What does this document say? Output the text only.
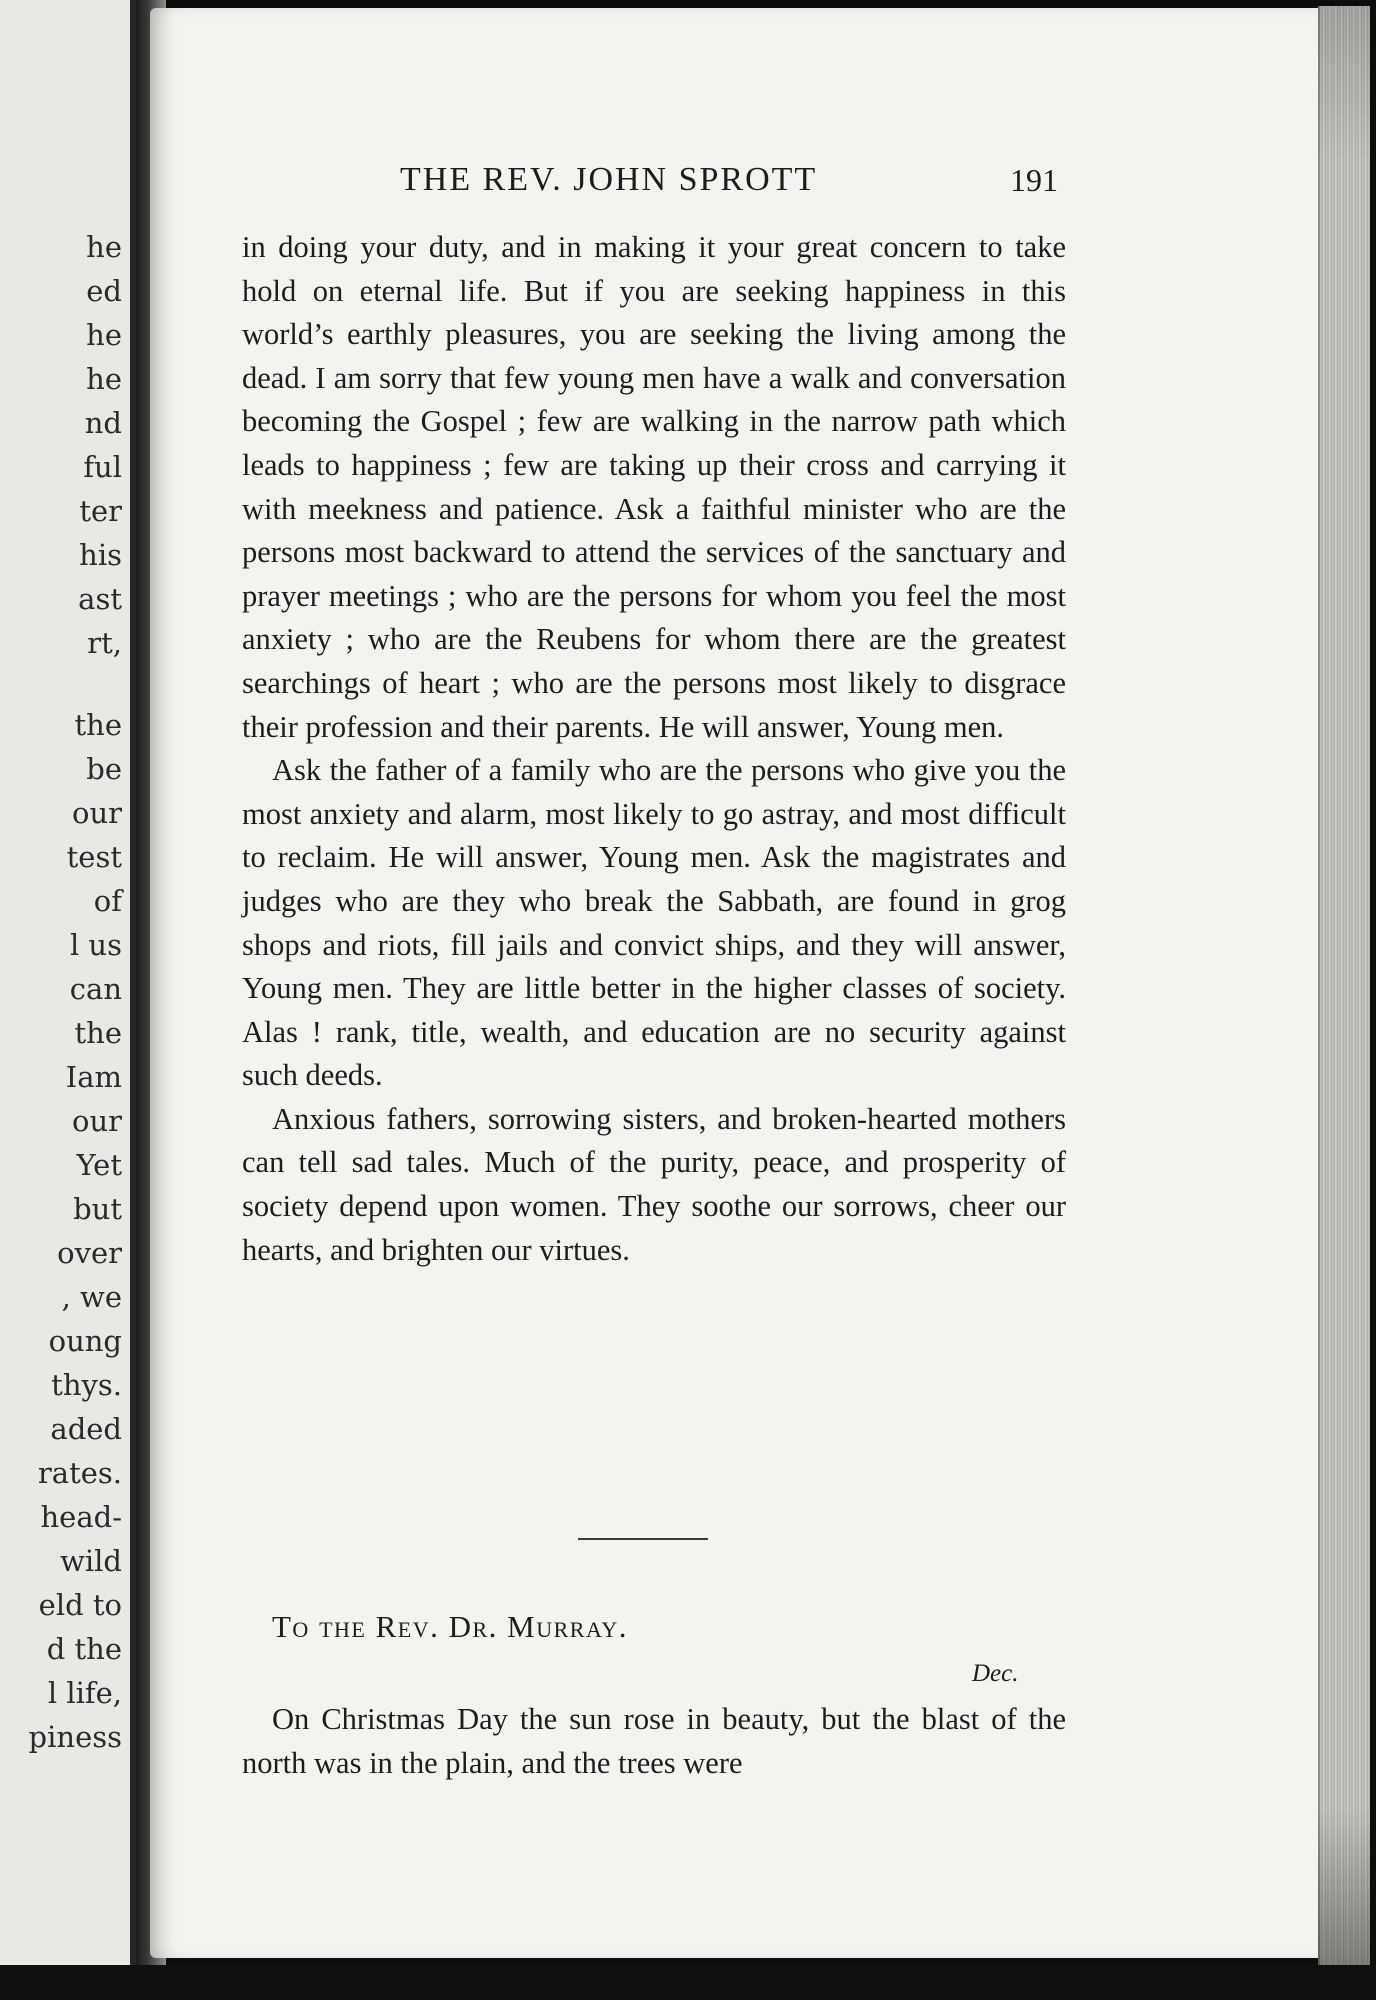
he
ed
he
he
nd
ful
ter
his
ast
rt,
the
be
our
test
of
l us
can
the
Iam
our
Yet
but
over
, we
oung
thys.
aded
rates.
head-
wild
eld to
d the
l life,
piness
THE REV. JOHN SPROTT	191

in doing your duty, and in making it your great concern to take hold on eternal life. But if you are seeking happiness in this world’s earthly pleasures, you are seeking the living among the dead. I am sorry that few young men have a walk and conversation becoming the Gospel ; few are walking in the narrow path which leads to happiness ; few are taking up their cross and carrying it with meekness and patience. Ask a faithful minister who are the persons most backward to attend the services of the sanctuary and prayer meetings ; who are the persons for whom you feel the most anxiety ; who are the Reubens for whom there are the greatest searchings of heart ; who are the persons most likely to disgrace their profession and their parents. He will answer, Young men.

Ask the father of a family who are the persons who give you the most anxiety and alarm, most likely to go astray, and most difficult to reclaim. He will answer, Young men. Ask the magistrates and judges who are they who break the Sabbath, are found in grog shops and riots, fill jails and convict ships, and they will answer, Young men. They are little better in the higher classes of society. Alas ! rank, title, wealth, and education are no security against such deeds.

Anxious fathers, sorrowing sisters, and broken-hearted mothers can tell sad tales. Much of the purity, peace, and prosperity of society depend upon women. They soothe our sorrows, cheer our hearts, and brighten our virtues.

To the Rev. Dr. Murray.
Dec.

On Christmas Day the sun rose in beauty, but the blast of the north was in the plain, and the trees were
